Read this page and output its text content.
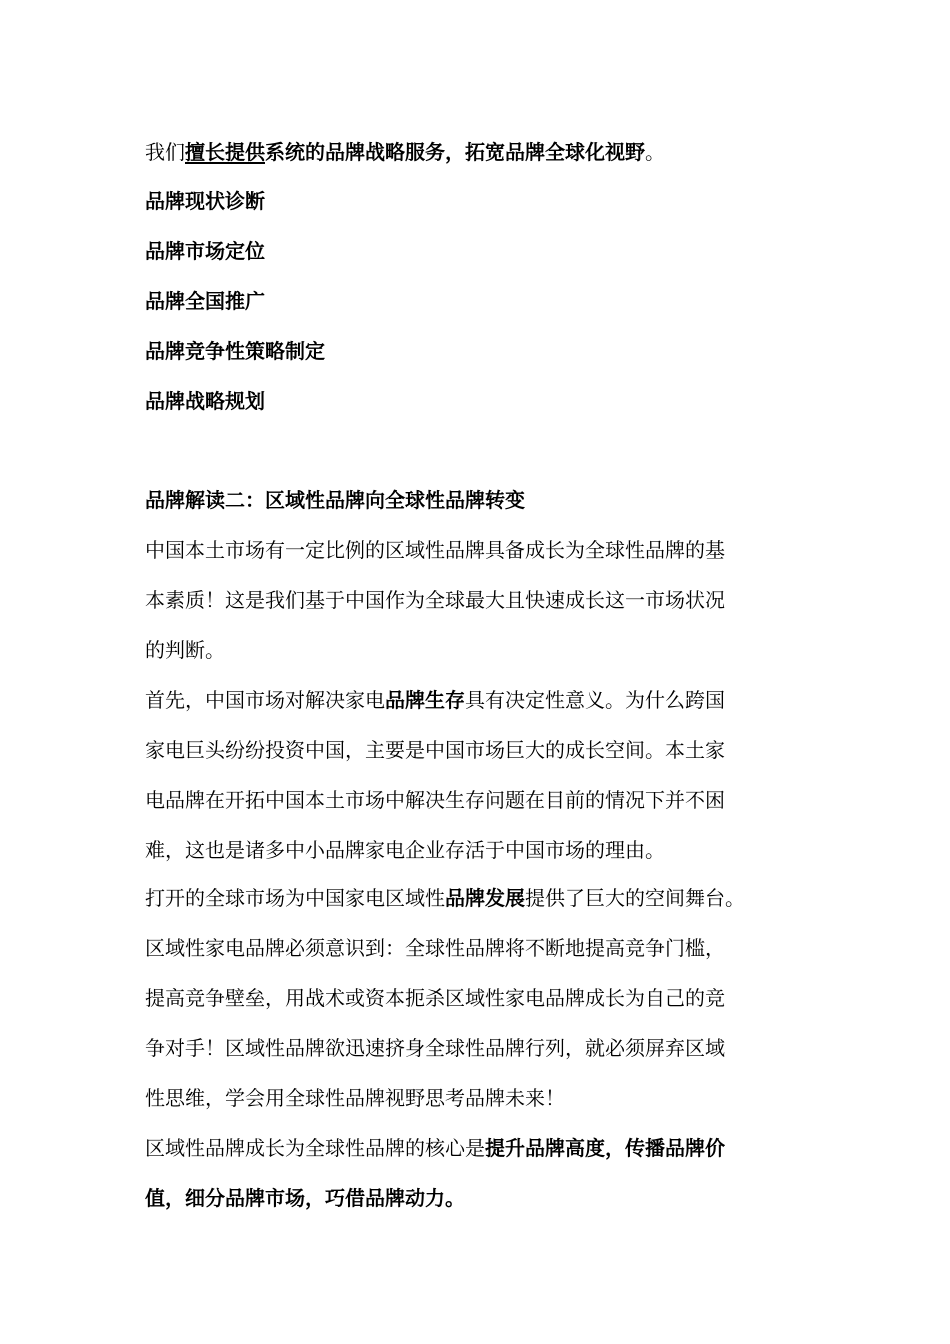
我们擅长提供系统的品牌战略服务，拓宽品牌全球化视野。
品牌现状诊断
品牌市场定位
品牌全国推广
品牌竞争性策略制定
品牌战略规划
品牌解读二：区域性品牌向全球性品牌转变
中国本土市场有一定比例的区域性品牌具备成长为全球性品牌的基
本素质！这是我们基于中国作为全球最大且快速成长这一市场状况
的判断。
首先，中国市场对解决家电品牌生存具有决定性意义。为什么跨国
家电巨头纷纷投资中国，主要是中国市场巨大的成长空间。本土家
电品牌在开拓中国本土市场中解决生存问题在目前的情况下并不困
难，这也是诸多中小品牌家电企业存活于中国市场的理由。
打开的全球市场为中国家电区域性品牌发展提供了巨大的空间舞台。
区域性家电品牌必须意识到：全球性品牌将不断地提高竞争门槛，
提高竞争壁垒，用战术或资本扼杀区域性家电品牌成长为自己的竞
争对手！区域性品牌欲迅速挤身全球性品牌行列，就必须屏弃区域
性思维，学会用全球性品牌视野思考品牌未来！
区域性品牌成长为全球性品牌的核心是提升品牌高度，传播品牌价
值，细分品牌市场，巧借品牌动力。
